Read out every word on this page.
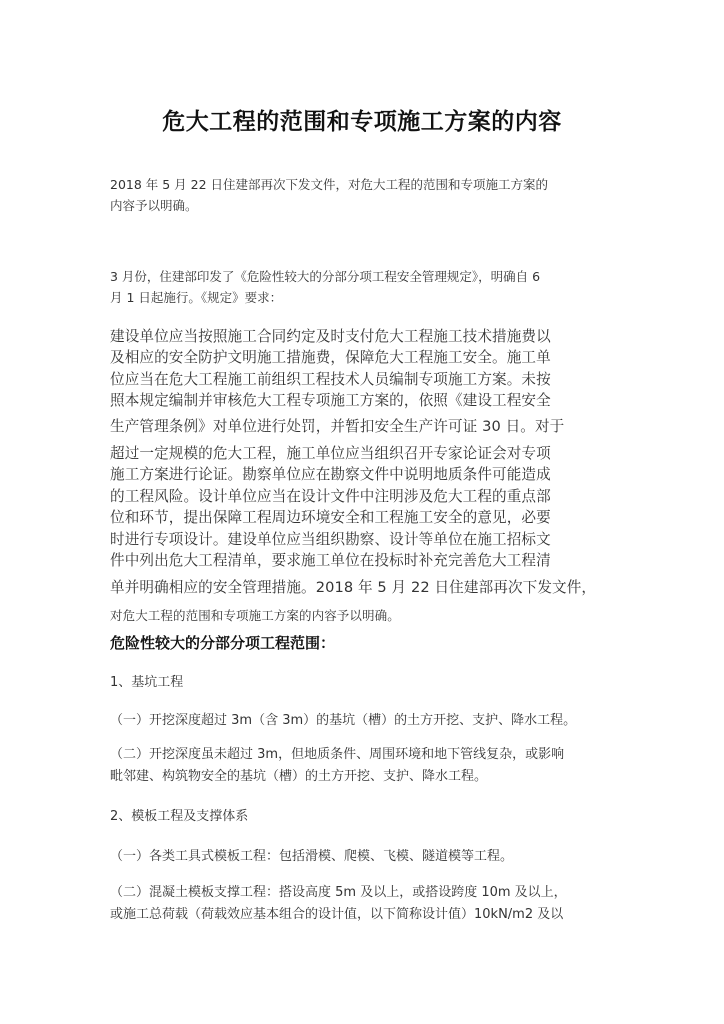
危大工程的范围和专项施工方案的内容
2018 年 5 月 22 日住建部再次下发文件，对危大工程的范围和专项施工方案的
内容予以明确。
3 月份，住建部印发了《危险性较大的分部分项工程安全管理规定》，明确自 6
月 1 日起施行。《规定》要求：
建设单位应当按照施工合同约定及时支付危大工程施工技术措施费以
及相应的安全防护文明施工措施费，保障危大工程施工安全。施工单
位应当在危大工程施工前组织工程技术人员编制专项施工方案。未按
照本规定编制并审核危大工程专项施工方案的，依照《建设工程安全
生产管理条例》对单位进行处罚，并暂扣安全生产许可证 30 日。对于
超过一定规模的危大工程，施工单位应当组织召开专家论证会对专项
施工方案进行论证。勘察单位应在勘察文件中说明地质条件可能造成
的工程风险。设计单位应当在设计文件中注明涉及危大工程的重点部
位和环节，提出保障工程周边环境安全和工程施工安全的意见，必要
时进行专项设计。建设单位应当组织勘察、设计等单位在施工招标文
件中列出危大工程清单，要求施工单位在投标时补充完善危大工程清
单并明确相应的安全管理措施。2018 年 5 月 22 日住建部再次下发文件，
对危大工程的范围和专项施工方案的内容予以明确。
危险性较大的分部分项工程范围：
1、基坑工程
（一）开挖深度超过 3m（含 3m）的基坑（槽）的土方开挖、支护、降水工程。
（二）开挖深度虽未超过 3m，但地质条件、周围环境和地下管线复杂，或影响
毗邻建、构筑物安全的基坑（槽）的土方开挖、支护、降水工程。
2、模板工程及支撑体系
（一）各类工具式模板工程：包括滑模、爬模、飞模、隧道模等工程。
（二）混凝土模板支撑工程：搭设高度 5m 及以上，或搭设跨度 10m 及以上，
或施工总荷载（荷载效应基本组合的设计值，以下简称设计值）10kN/m2 及以
